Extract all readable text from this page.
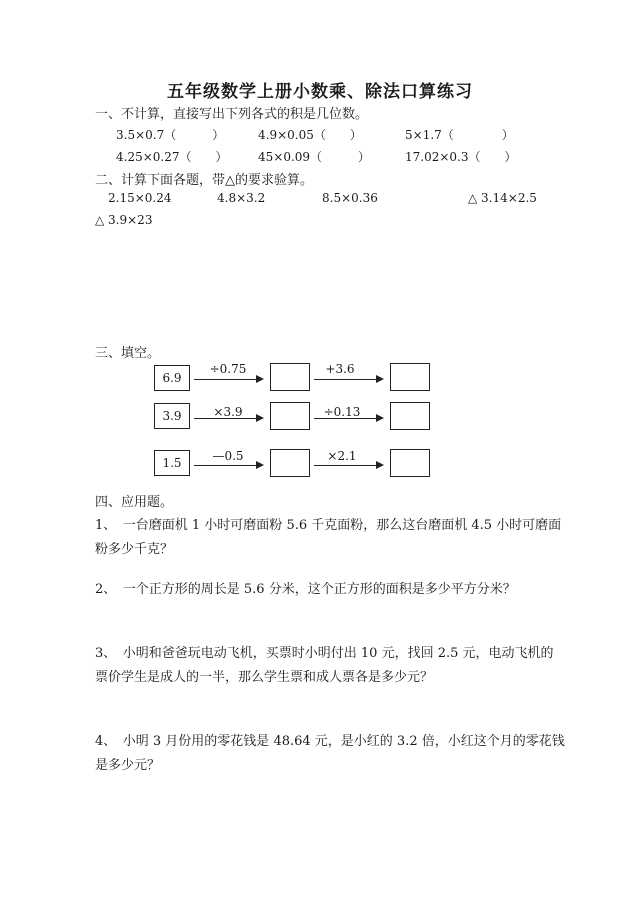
五年级数学上册小数乘、除法口算练习
一、不计算，直接写出下列各式的积是几位数。
3.5×0.7（　　　）	4.9×0.05（　　）	5×1.7（　　　　）
4.25×0.27（　　）	45×0.09（　　　）	17.02×0.3（　　）
二、计算下面各题，带△的要求验算。
2.15×0.24	4.8×3.2	8.5×0.36	△ 3.14×2.5
△ 3.9×23
三、填空。
6.9
÷0.75	+3.6
3.9	×3.9	÷0.13
1.5	—0.5	×2.1
四、应用题。
1、　一台磨面机 1 小时可磨面粉 5.6 千克面粉，那么这台磨面机 4.5 小时可磨面
粉多少千克？
2、　一个正方形的周长是 5.6 分米，这个正方形的面积是多少平方分米？
3、　小明和爸爸玩电动飞机，买票时小明付出 10 元，找回 2.5 元，电动飞机的
票价学生是成人的一半，那么学生票和成人票各是多少元？
4、　小明 3 月份用的零花钱是 48.64 元，是小红的 3.2 倍，小红这个月的零花钱
是多少元？
